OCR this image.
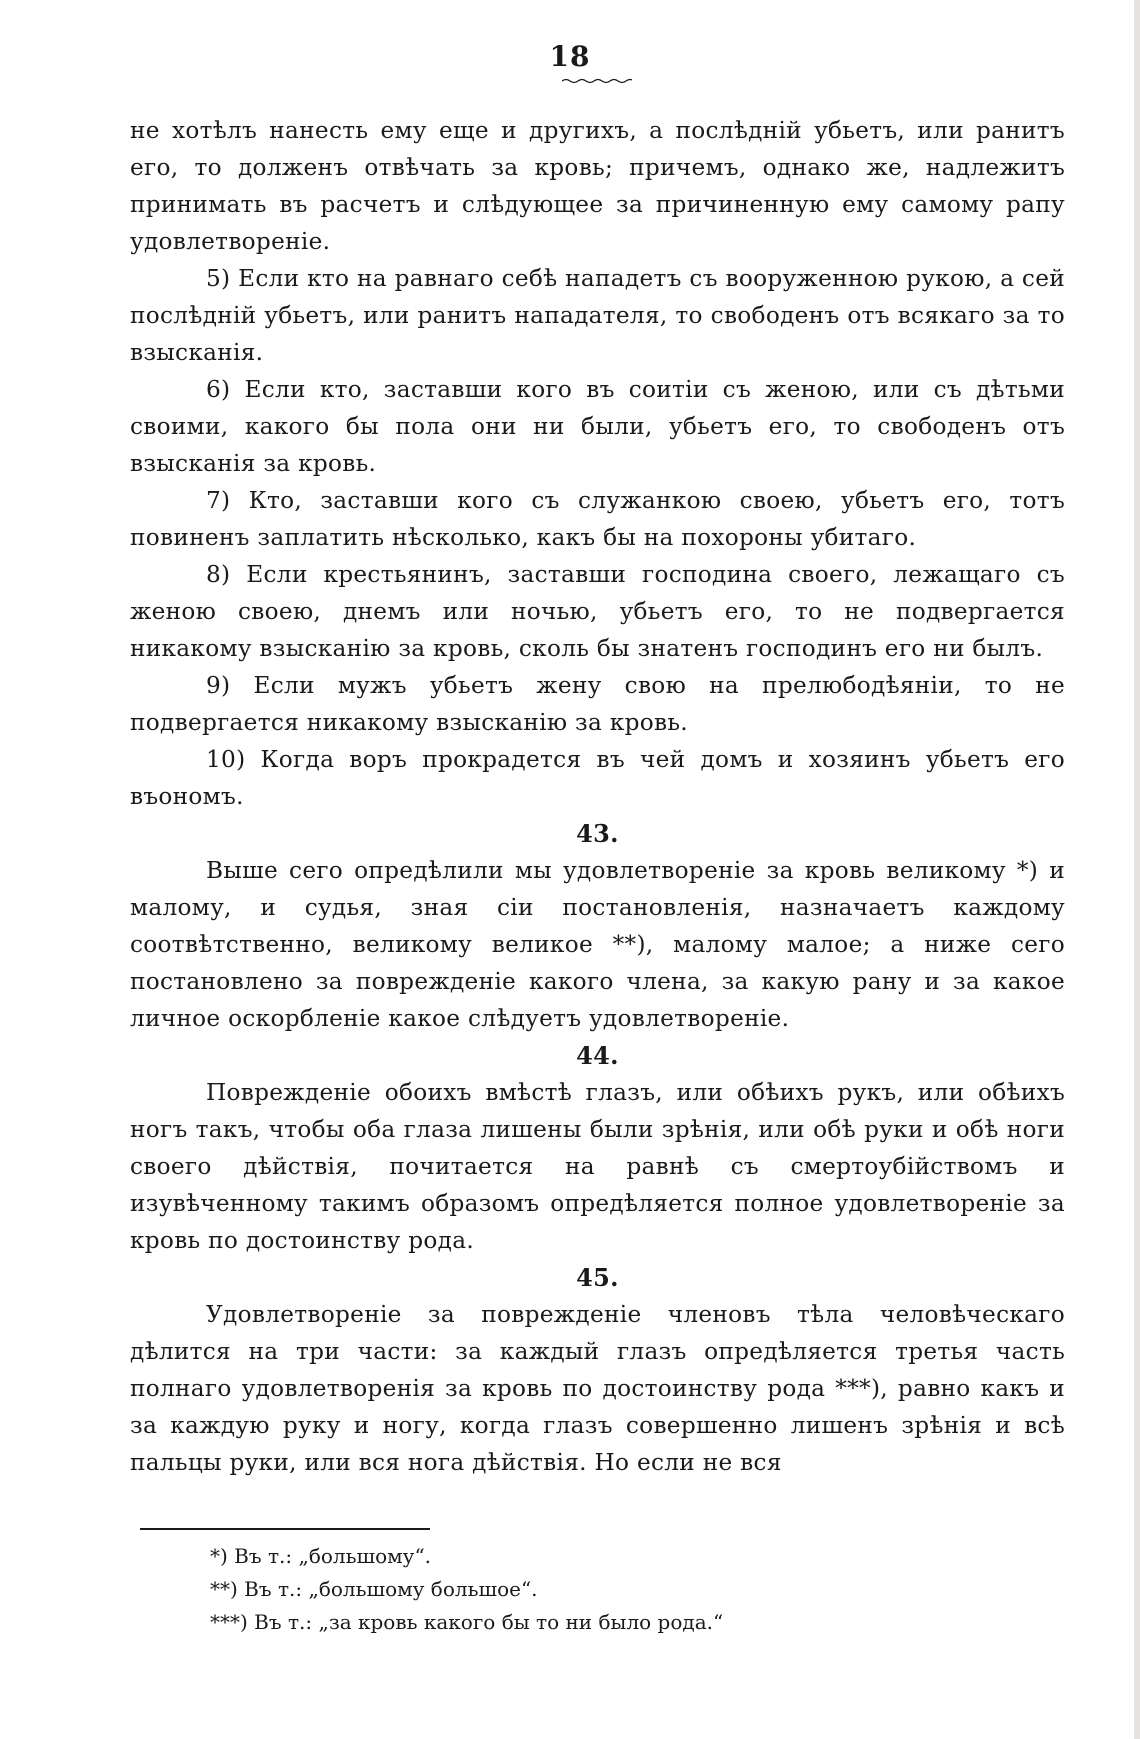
18

не хотѣлъ нанесть ему еще и другихъ, а послѣднiй убьетъ, или ранитъ его, то долженъ отвѣчать за кровь; причемъ, однако же, надлежитъ принимать въ расчетъ и слѣдующее за причиненную ему самому рапу удовлетворенiе.

5) Если кто на равнаго себѣ нападетъ съ вооруженною рукою, а сей послѣднiй убьетъ, или ранитъ нападателя, то свободенъ отъ всякаго за то взысканiя.

6) Если кто, заставши кого въ соитiи съ женою, или съ дѣтьми своими, какого бы пола они ни были, убьетъ его, то свободенъ отъ взысканiя за кровь.

7) Кто, заставши кого съ служанкою своею, убьетъ его, тотъ повиненъ заплатить нѣсколько, какъ бы на похороны убитаго.

8) Если крестьянинъ, заставши господина своего, лежащаго съ женою своею, днемъ или ночью, убьетъ его, то не подвергается никакому взысканiю за кровь, сколь бы знатенъ господинъ его ни былъ.

9) Если мужъ убьетъ жену свою на прелюбодѣянiи, то не подвергается никакому взысканiю за кровь.

10) Когда воръ прокрадется въ чей домъ и хозяинъ убьетъ его въономъ.

43.

Выше сего опредѣлили мы удовлетворенiе за кровь великому *) и малому, и судья, зная сiи постановленiя, назначаетъ каждому соотвѣтственно, великому великое **), малому малое; а ниже сего постановлено за поврежденiе какого члена, за какую рану и за какое личное оскорбленiе какое слѣдуетъ удовлетворенiе.

44.

Поврежденiе обоихъ вмѣстѣ глазъ, или обѣихъ рукъ, или обѣихъ ногъ такъ, чтобы оба глаза лишены были зрѣнiя, или обѣ руки и обѣ ноги своего дѣйствiя, почитается на равнѣ съ смертоубiйствомъ и изувѣченному такимъ образомъ опредѣляется полное удовлетворенiе за кровь по достоинству рода.

45.

Удовлетворенiе за поврежденiе членовъ тѣла человѣческаго дѣлится на три части: за каждый глазъ опредѣляется третья часть полнаго удовлетворенiя за кровь по достоинству рода ***), равно какъ и за каждую руку и ногу, когда глазъ совершенно лишенъ зрѣнiя и всѣ пальцы руки, или вся нога дѣйствiя. Но если не вся

*) Въ т.: „большому“.
**) Въ т.: „большому большое“.
***) Въ т.: „за кровь какого бы то ни было рода.“
